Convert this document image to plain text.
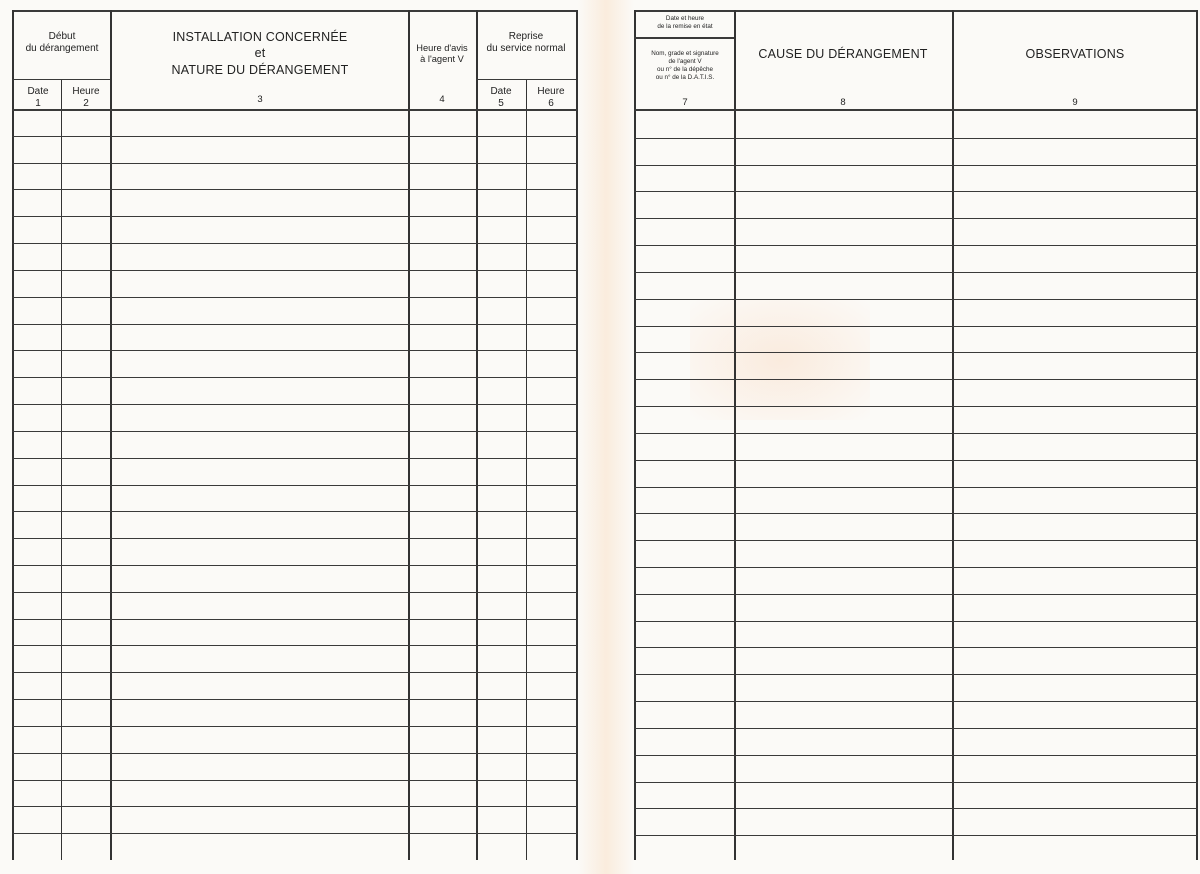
Début
du dérangement
Date
1
Heure
2
INSTALLATION CONCERNÉE
et
NATURE DU DÉRANGEMENT
3
Heure d'avis
à l'agent V
4
Reprise
du service normal
Date
5
Heure
6
Date et heure
de la remise en état
Nom, grade et signature
de l'agent V
ou n° de la dépêche
ou n° de la D.A.T.I.S.
7
CAUSE DU DÉRANGEMENT
8
OBSERVATIONS
9
